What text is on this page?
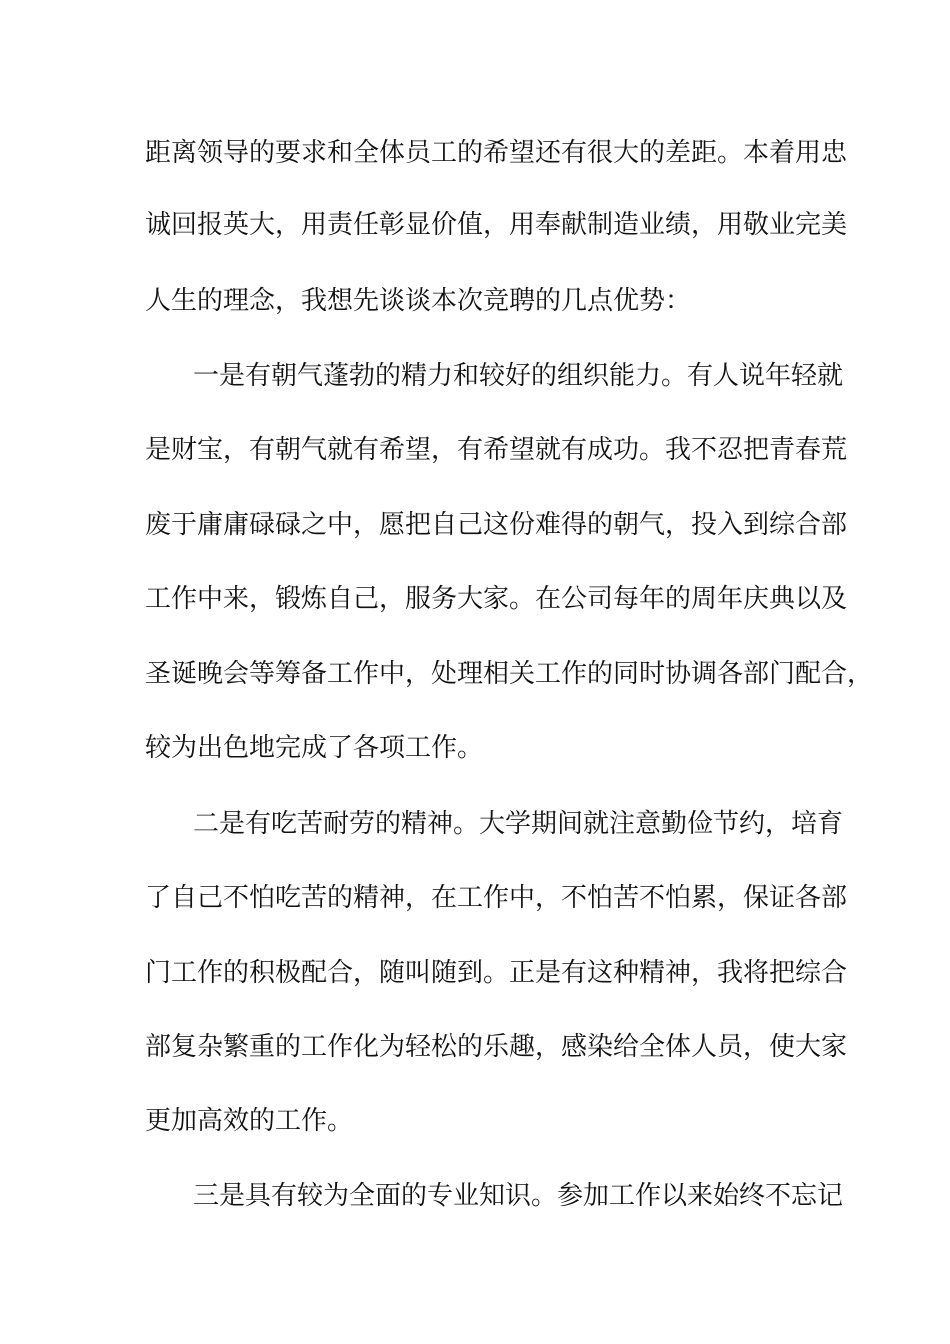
距离领导的要求和全体员工的希望还有很大的差距。本着用忠
诚回报英大，用责任彰显价值，用奉献制造业绩，用敬业完美
人生的理念，我想先谈谈本次竞聘的几点优势：
一是有朝气蓬勃的精力和较好的组织能力。有人说年轻就
是财宝，有朝气就有希望，有希望就有成功。我不忍把青春荒
废于庸庸碌碌之中，愿把自己这份难得的朝气，投入到综合部
工作中来，锻炼自己，服务大家。在公司每年的周年庆典以及
圣诞晚会等筹备工作中，处理相关工作的同时协调各部门配合，
较为出色地完成了各项工作。
二是有吃苦耐劳的精神。大学期间就注意勤俭节约，培育
了自己不怕吃苦的精神，在工作中，不怕苦不怕累，保证各部
门工作的积极配合，随叫随到。正是有这种精神，我将把综合
部复杂繁重的工作化为轻松的乐趣，感染给全体人员，使大家
更加高效的工作。
三是具有较为全面的专业知识。参加工作以来始终不忘记
